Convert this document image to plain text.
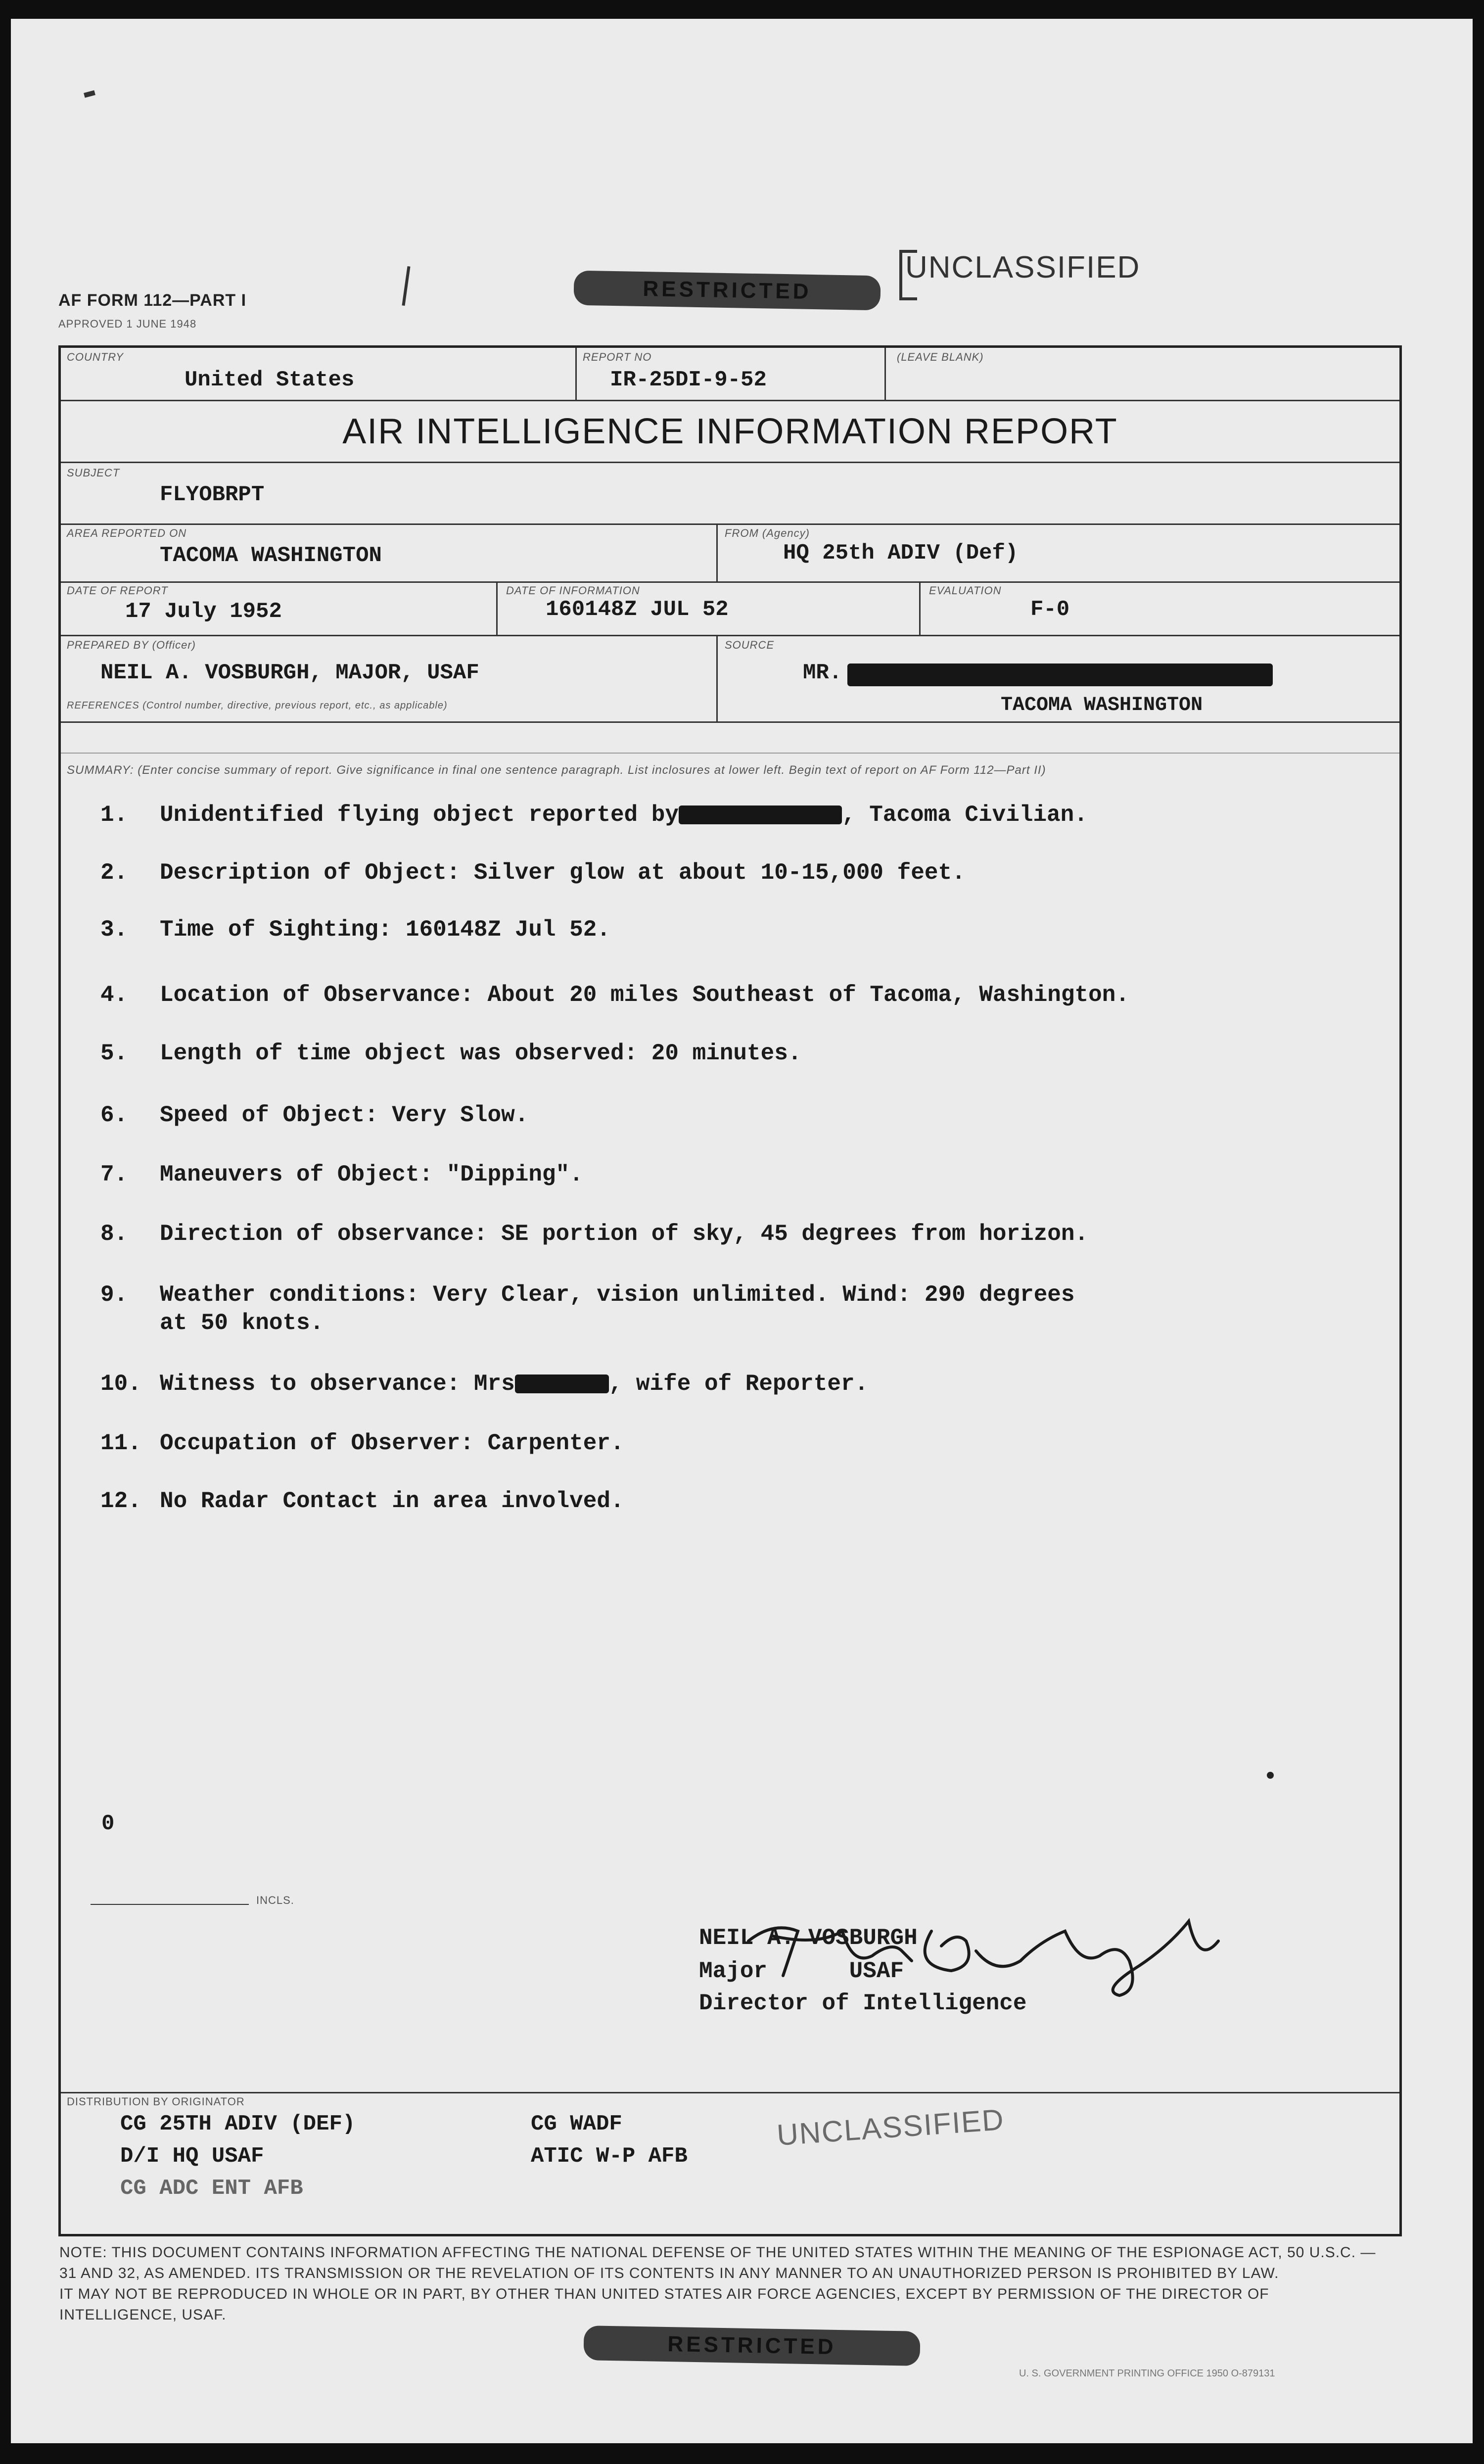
AF FORM 112—PART I
APPROVED 1 JUNE 1948
RESTRICTED
UNCLASSIFIED
COUNTRY
United States
REPORT NO
IR-25DI-9-52
(LEAVE BLANK)
AIR INTELLIGENCE INFORMATION REPORT
SUBJECT
FLYOBRPT
AREA REPORTED ON
TACOMA WASHINGTON
FROM (Agency)
HQ 25th ADIV (Def)
DATE OF REPORT
17 July 1952
DATE OF INFORMATION
160148Z JUL 52
EVALUATION
F-0
PREPARED BY (Officer)
NEIL A. VOSBURGH, MAJOR, USAF
REFERENCES (Control number, directive, previous report, etc., as applicable)
SOURCE
MR.
TACOMA WASHINGTON
SUMMARY: (Enter concise summary of report. Give significance in final one sentence paragraph. List inclosures at lower left. Begin text of report on AF Form 112—Part II)
1. Unidentified flying object reported by	, Tacoma Civilian.
2. Description of Object: Silver glow at about 10-15,000 feet.
3. Time of Sighting: 160148Z Jul 52.
4. Location of Observance: About 20 miles Southeast of Tacoma, Washington.
5. Length of time object was observed: 20 minutes.
6. Speed of Object: Very Slow.
7. Maneuvers of Object: "Dipping".
8. Direction of observance: SE portion of sky, 45 degrees from horizon.
9. Weather conditions: Very Clear, vision unlimited. Wind: 290 degrees
at 50 knots.
10. Witness to observance: Mrs	, wife of Reporter.
11. Occupation of Observer: Carpenter.
12. No Radar Contact in area involved.
NEIL A. VOSBURGH
Major      USAF
Director of Intelligence
0
INCLS.
DISTRIBUTION BY ORIGINATOR
CG 25TH ADIV (DEF)
D/I HQ USAF
CG ADC ENT AFB
CG WADF
ATIC W-P AFB
UNCLASSIFIED
NOTE: THIS DOCUMENT CONTAINS INFORMATION AFFECTING THE NATIONAL DEFENSE OF THE UNITED STATES WITHIN THE MEANING OF THE ESPIONAGE ACT, 50 U.S.C. —
31 AND 32, AS AMENDED. ITS TRANSMISSION OR THE REVELATION OF ITS CONTENTS IN ANY MANNER TO AN UNAUTHORIZED PERSON IS PROHIBITED BY LAW.
IT MAY NOT BE REPRODUCED IN WHOLE OR IN PART, BY OTHER THAN UNITED STATES AIR FORCE AGENCIES, EXCEPT BY PERMISSION OF THE DIRECTOR OF
INTELLIGENCE, USAF.
RESTRICTED
U. S. GOVERNMENT PRINTING OFFICE 1950 O-879131
